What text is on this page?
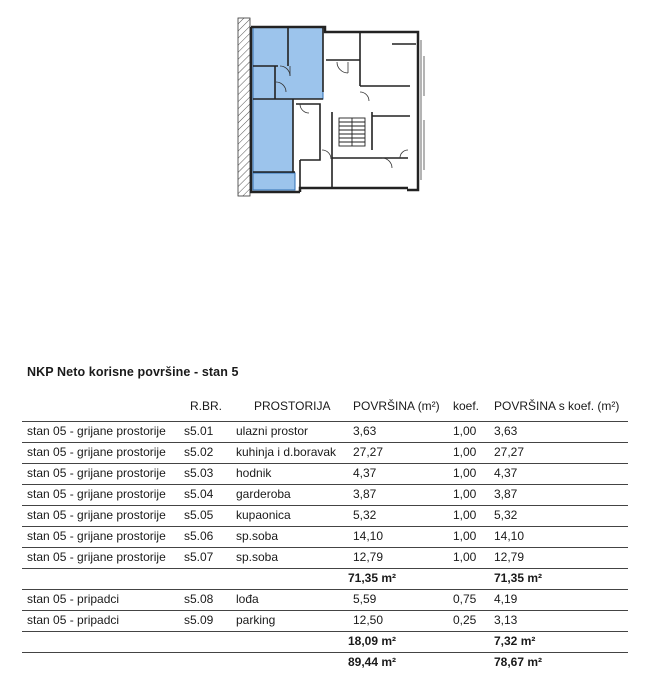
NKP Neto korisne površine - stan 5
R.BR.	PROSTORIJA POVRŠINA (m²) koef. POVRŠINA s koef. (m²)
stan 05 - grijane prostorije s5.01 ulazni prostor	3,63	1,00 3,63
stan 05 - grijane prostorije s5.02 kuhinja i d.boravak 27,27	1,00 27,27
stan 05 - grijane prostorije s5.03 hodnik	4,37	1,00 4,37
stan 05 - grijane prostorije s5.04 garderoba	3,87	1,00 3,87
stan 05 - grijane prostorije s5.05 kupaonica	5,32	1,00 5,32
stan 05 - grijane prostorije s5.06 sp.soba	14,10	1,00 14,10
stan 05 - grijane prostorije s5.07 sp.soba	12,79	1,00 12,79
71,35 m²	71,35 m²
stan 05 - pripadci	s5.08 lođa	5,59	0,75 4,19
stan 05 - pripadci	s5.09 parking	12,50	0,25 3,13
18,09 m²	7,32 m²
89,44 m²	78,67 m²
